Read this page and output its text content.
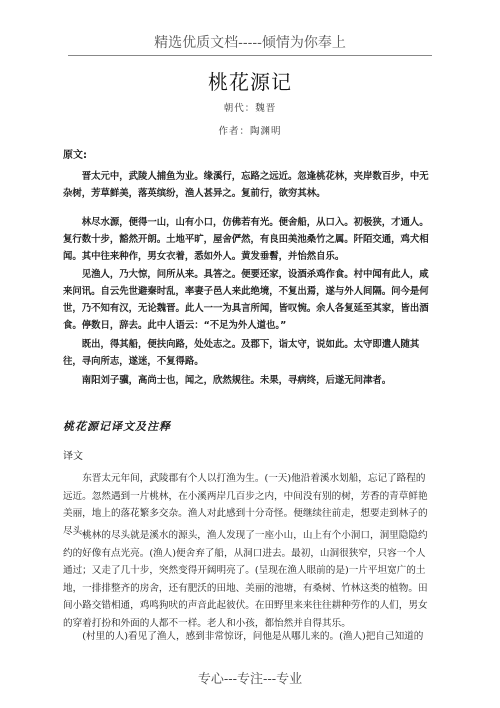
精选优质文档-----倾情为你奉上
桃花源记
朝代：魏晋
作者：陶渊明
原文:

晋太元中，武陵人捕鱼为业。缘溪行，忘路之远近。忽逢桃花林，夹岸数百步，中无杂树，芳草鲜美，落英缤纷，渔人甚异之。复前行，欲穷其林。

林尽水源，便得一山，山有小口，仿佛若有光。便舍船，从口入。初极狭，才通人。复行数十步，豁然开朗。土地平旷，屋舍俨然，有良田美池桑竹之属。阡陌交通，鸡犬相闻。其中往来种作，男女衣着，悉如外人。黄发垂髫，并怡然自乐。

见渔人，乃大惊，问所从来。具答之。便要还家，设酒杀鸡作食。村中闻有此人，咸来问讯。自云先世避秦时乱，率妻子邑人来此绝境，不复出焉，遂与外人间隔。问今是何世，乃不知有汉，无论魏晋。此人一一为具言所闻，皆叹惋。余人各复延至其家，皆出酒食。停数日，辞去。此中人语云：“不足为外人道也。”

既出，得其船，便扶向路，处处志之。及郡下，诣太守，说如此。太守即遣人随其往，寻向所志，遂迷，不复得路。

南阳刘子骥，高尚士也，闻之，欣然规往。未果，寻病终，后遂无问津者。

桃花源记译文及注释
译文

东晋太元年间，武陵郡有个人以打渔为生。(一天)他沿着溪水划船，忘记了路程的远近。忽然遇到一片桃林，在小溪两岸几百步之内，中间没有别的树，芳香的青草鲜艳美丽，地上的落花繁多交杂。渔人对此感到十分奇怪。便继续往前走，想要走到林子的尽头。

桃林的尽头就是溪水的源头，渔人发现了一座小山，山上有个小洞口，洞里隐隐约约的好像有点光亮。(渔人)便舍弃了船，从洞口进去。最初，山洞很狭窄，只容一个人通过；又走了几十步，突然变得开阔明亮了。(呈现在渔人眼前的是)一片平坦宽广的土地，一排排整齐的房舍，还有肥沃的田地、美丽的池塘，有桑树、竹林这类的植物。田间小路交错相通，鸡鸣狗吠的声音此起彼伏。在田野里来来往往耕种劳作的人们，男女的穿着打扮和外面的人都不一样。老人和小孩，都怡然并自得其乐。

(村里的人)看见了渔人，感到非常惊讶，问他是从哪儿来的。(渔人)把自己知道的

专心---专注---专业
